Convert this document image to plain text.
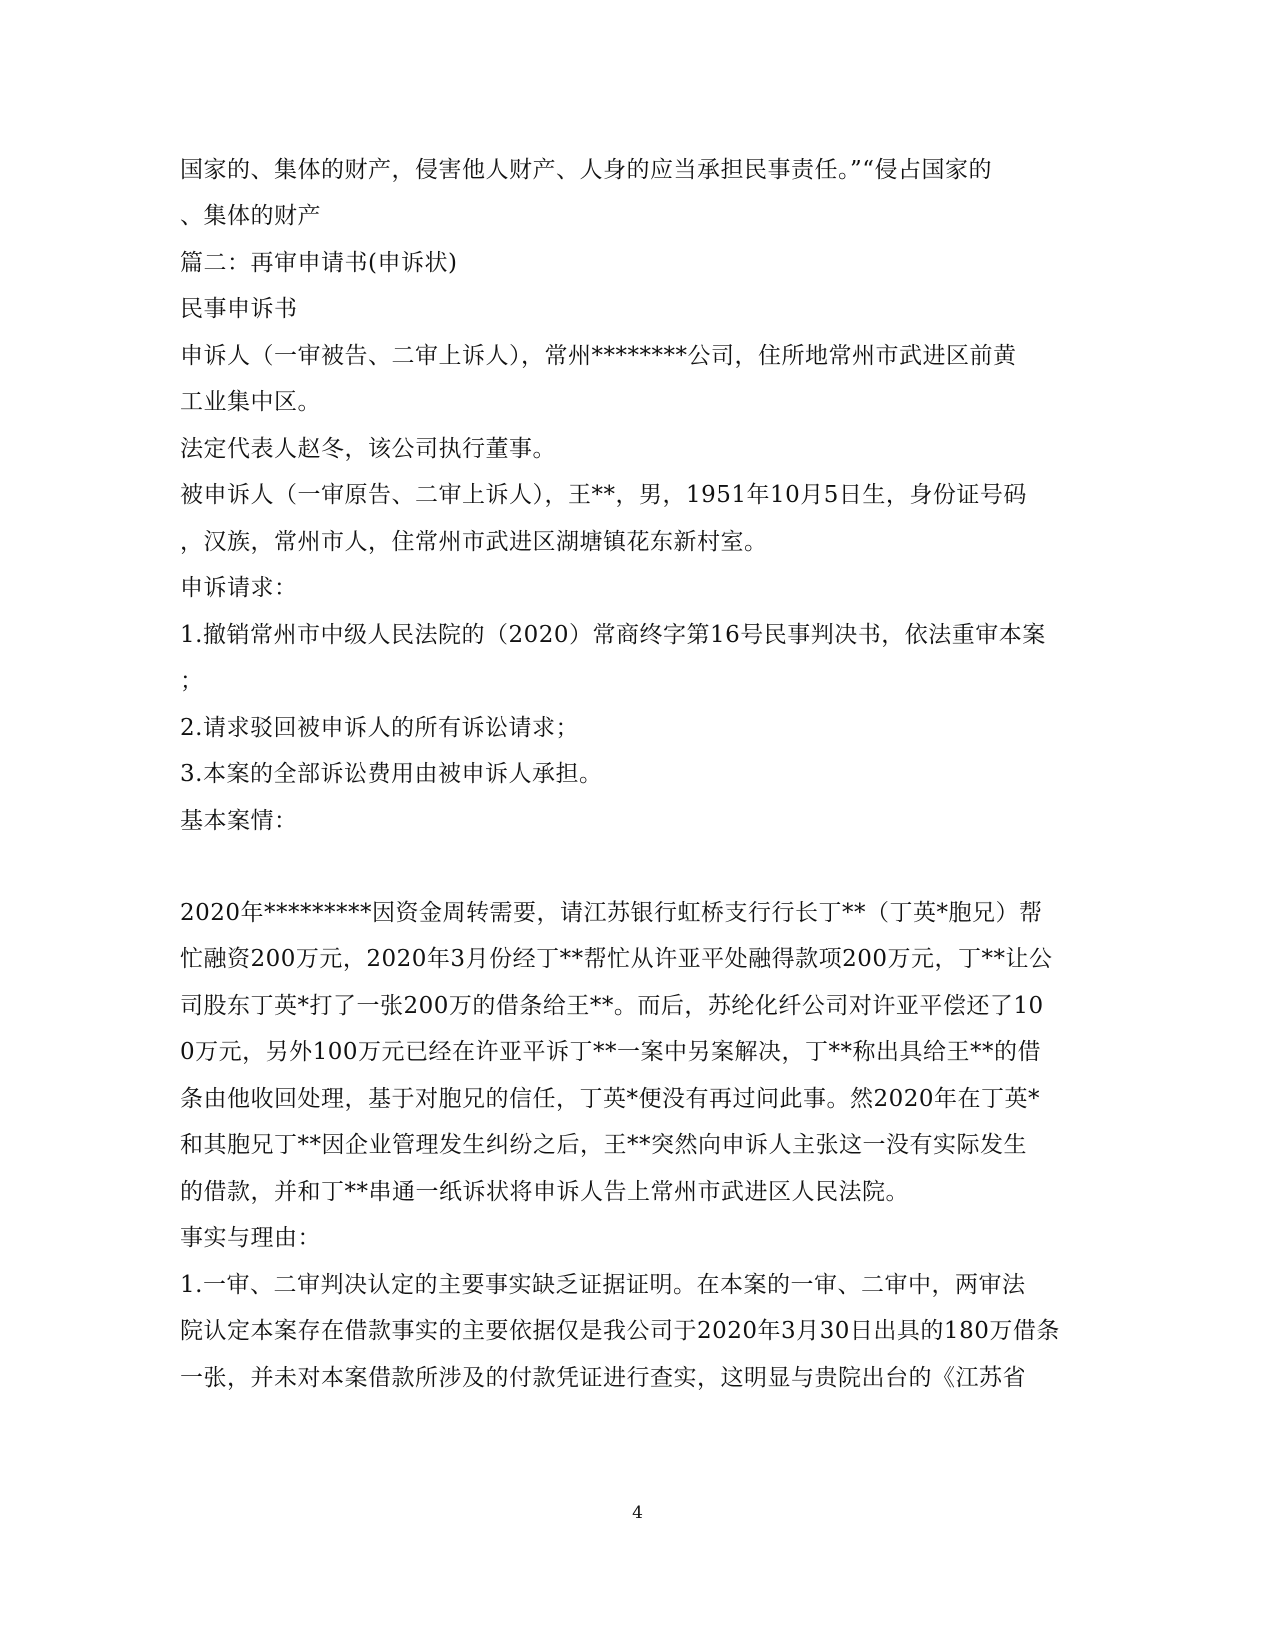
国家的、集体的财产，侵害他人财产、人身的应当承担民事责任。”“侵占国家的
、集体的财产
篇二：再审申请书(申诉状)
民事申诉书
申诉人（一审被告、二审上诉人），常州********公司，住所地常州市武进区前黄
工业集中区。
法定代表人赵冬，该公司执行董事。
被申诉人（一审原告、二审上诉人），王**，男，1951年10月5日生，身份证号码
，汉族，常州市人，住常州市武进区湖塘镇花东新村室。
申诉请求：
1.撤销常州市中级人民法院的（2020）常商终字第16号民事判决书，依法重审本案
；
2.请求驳回被申诉人的所有诉讼请求；
3.本案的全部诉讼费用由被申诉人承担。
基本案情：
2020年*********因资金周转需要，请江苏银行虹桥支行行长丁**（丁英*胞兄）帮
忙融资200万元，2020年3月份经丁**帮忙从许亚平处融得款项200万元，丁**让公
司股东丁英*打了一张200万的借条给王**。而后，苏纶化纤公司对许亚平偿还了10
0万元，另外100万元已经在许亚平诉丁**一案中另案解决，丁**称出具给王**的借
条由他收回处理，基于对胞兄的信任，丁英*便没有再过问此事。然2020年在丁英*
和其胞兄丁**因企业管理发生纠纷之后，王**突然向申诉人主张这一没有实际发生
的借款，并和丁**串通一纸诉状将申诉人告上常州市武进区人民法院。
事实与理由：
1.一审、二审判决认定的主要事实缺乏证据证明。在本案的一审、二审中，两审法
院认定本案存在借款事实的主要依据仅是我公司于2020年3月30日出具的180万借条
一张，并未对本案借款所涉及的付款凭证进行查实，这明显与贵院出台的《江苏省
4
